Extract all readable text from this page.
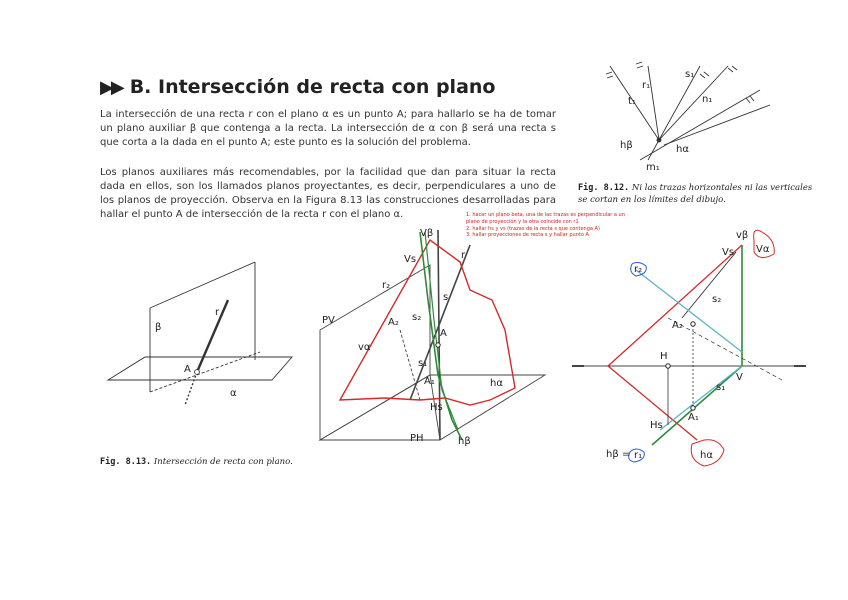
▶▶ B. Intersección de recta con plano
La intersección de una recta r con el plano α es un punto A; para hallarlo se ha de tomar un plano auxiliar β que contenga a la recta. La intersección de α con β será una recta s que corta a la dada en el punto A; este punto es la solución del problema.
Los planos auxiliares más recomendables, por la facilidad que dan para situar la recta dada en ellos, son los llamados planos proyectantes, es decir, perpendiculares a uno de los planos de proyección. Observa en la Figura 8.13 las construcciones desarrolladas para hallar el punto A de intersección de la recta r con el plano α.
Fig. 8.12. Ni las trazas horizontales ni las verticales se cortan en los límites del dibujo.
Fig. 8.13. Intersección de recta con plano.
1. hacer un plano beta, una de las trazas es perpendicular a un
plano de proyección y la otra coincide con r1
2. hallar hs y vs (trazas de la recta s que contenga A)
3. hallar proyecciones de recta s y hallar punto A
s₁
r₁
t₁	n₁
hβ	hα
m₁
β
r
A
α
Vβ
Vs
r₂
r
PV
s
A₂ s₂
A
vα
s₁
A₁	hα
Hs
PH	hβ
vβ
Vs Vα
r₂
s₂
A₂
H
V
s₁
A₁
Hs
hβ = r₁	hα
